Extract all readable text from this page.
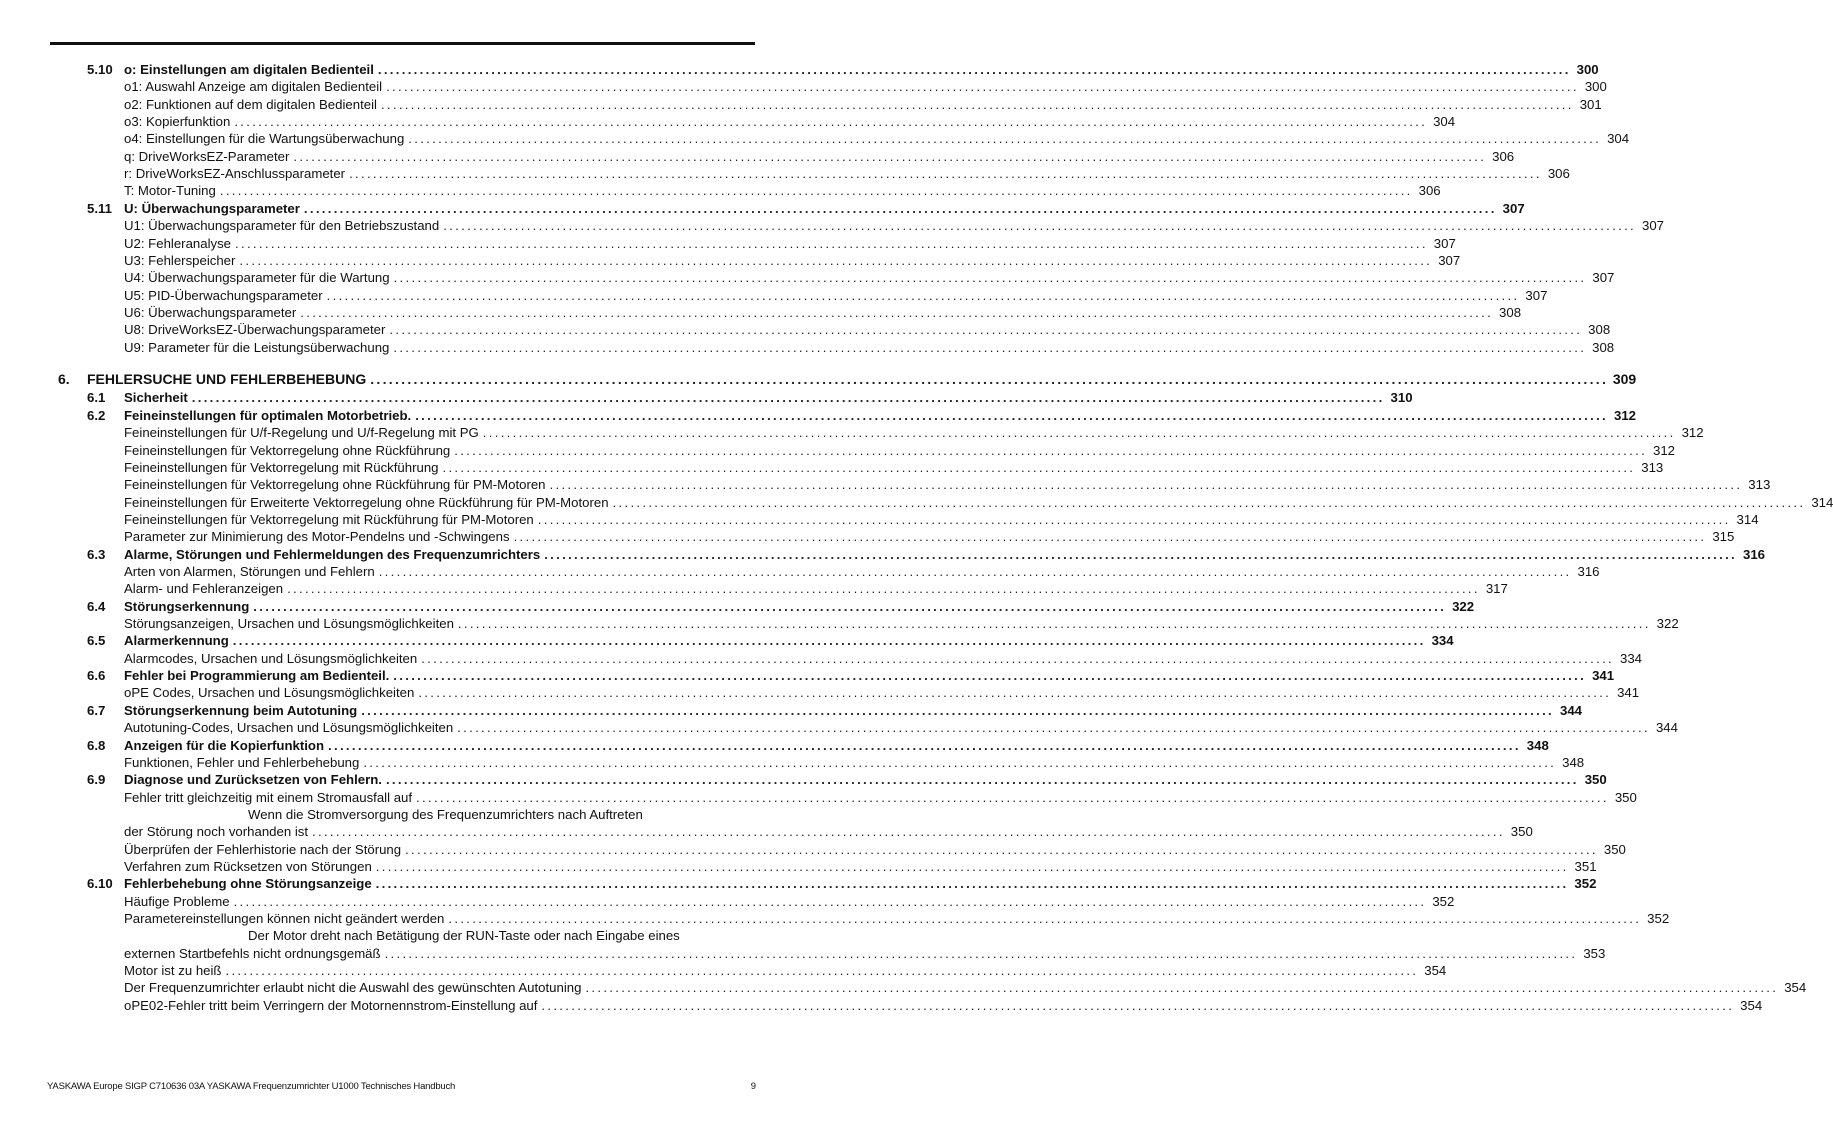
5.10 o: Einstellungen am digitalen Bedienteil ........................................................................................................................................................................................................ 300
o1: Auswahl Anzeige am digitalen Bedienteil ........................................................................................................................................................................................................ 300
o2: Funktionen auf dem digitalen Bedienteil ........................................................................................................................................................................................................ 301
o3: Kopierfunktion ........................................................................................................................................................................................................ 304
o4: Einstellungen für die Wartungsüberwachung ........................................................................................................................................................................................................ 304
q: DriveWorksEZ-Parameter ........................................................................................................................................................................................................ 306
r: DriveWorksEZ-Anschlussparameter ........................................................................................................................................................................................................ 306
T: Motor-Tuning ........................................................................................................................................................................................................ 306
5.11 U: Überwachungsparameter ........................................................................................................................................................................................................ 307
U1: Überwachungsparameter für den Betriebszustand ........................................................................................................................................................................................................ 307
U2: Fehleranalyse ........................................................................................................................................................................................................ 307
U3: Fehlerspeicher ........................................................................................................................................................................................................ 307
U4: Überwachungsparameter für die Wartung ........................................................................................................................................................................................................ 307
U5: PID-Überwachungsparameter ........................................................................................................................................................................................................ 307
U6: Überwachungsparameter ........................................................................................................................................................................................................ 308
U8: DriveWorksEZ-Überwachungsparameter ........................................................................................................................................................................................................ 308
U9: Parameter für die Leistungsüberwachung ........................................................................................................................................................................................................ 308
6. FEHLERSUCHE UND FEHLERBEHEBUNG ........................................................................................................................................................................................................ 309
6.1 Sicherheit ........................................................................................................................................................................................................ 310
6.2 Feineinstellungen für optimalen Motorbetrieb. ........................................................................................................................................................................................................ 312
Feineinstellungen für U/f-Regelung und U/f-Regelung mit PG ........................................................................................................................................................................................................ 312
Feineinstellungen für Vektorregelung ohne Rückführung ........................................................................................................................................................................................................ 312
Feineinstellungen für Vektorregelung mit Rückführung ........................................................................................................................................................................................................ 313
Feineinstellungen für Vektorregelung ohne Rückführung für PM-Motoren ........................................................................................................................................................................................................ 313
Feineinstellungen für Erweiterte Vektorregelung ohne Rückführung für PM-Motoren ........................................................................................................................................................................................................ 314
Feineinstellungen für Vektorregelung mit Rückführung für PM-Motoren ........................................................................................................................................................................................................ 314
Parameter zur Minimierung des Motor-Pendelns und -Schwingens ........................................................................................................................................................................................................ 315
6.3 Alarme, Störungen und Fehlermeldungen des Frequenzumrichters ........................................................................................................................................................................................................ 316
Arten von Alarmen, Störungen und Fehlern ........................................................................................................................................................................................................ 316
Alarm- und Fehleranzeigen ........................................................................................................................................................................................................ 317
6.4 Störungserkennung ........................................................................................................................................................................................................ 322
Störungsanzeigen, Ursachen und Lösungsmöglichkeiten ........................................................................................................................................................................................................ 322
6.5 Alarmerkennung ........................................................................................................................................................................................................ 334
Alarmcodes, Ursachen und Lösungsmöglichkeiten ........................................................................................................................................................................................................ 334
6.6 Fehler bei Programmierung am Bedienteil. ........................................................................................................................................................................................................ 341
oPE Codes, Ursachen und Lösungsmöglichkeiten ........................................................................................................................................................................................................ 341
6.7 Störungserkennung beim Autotuning ........................................................................................................................................................................................................ 344
Autotuning-Codes, Ursachen und Lösungsmöglichkeiten ........................................................................................................................................................................................................ 344
6.8 Anzeigen für die Kopierfunktion ........................................................................................................................................................................................................ 348
Funktionen, Fehler und Fehlerbehebung ........................................................................................................................................................................................................ 348
6.9 Diagnose und Zurücksetzen von Fehlern. ........................................................................................................................................................................................................ 350
Fehler tritt gleichzeitig mit einem Stromausfall auf ........................................................................................................................................................................................................ 350
Wenn die Stromversorgung des Frequenzumrichters nach Auftreten
der Störung noch vorhanden ist ........................................................................................................................................................................................................ 350
Überprüfen der Fehlerhistorie nach der Störung ........................................................................................................................................................................................................ 350
Verfahren zum Rücksetzen von Störungen ........................................................................................................................................................................................................ 351
6.10 Fehlerbehebung ohne Störungsanzeige ........................................................................................................................................................................................................ 352
Häufige Probleme ........................................................................................................................................................................................................ 352
Parametereinstellungen können nicht geändert werden ........................................................................................................................................................................................................ 352
Der Motor dreht nach Betätigung der RUN-Taste oder nach Eingabe eines
externen Startbefehls nicht ordnungsgemäß ........................................................................................................................................................................................................ 353
Motor ist zu heiß ........................................................................................................................................................................................................ 354
Der Frequenzumrichter erlaubt nicht die Auswahl des gewünschten Autotuning ........................................................................................................................................................................................................ 354
oPE02-Fehler tritt beim Verringern der Motornennstrom-Einstellung auf ........................................................................................................................................................................................................ 354
YASKAWA Europe SIGP C710636 03A YASKAWA Frequenzumrichter U1000 Technisches Handbuch	9
